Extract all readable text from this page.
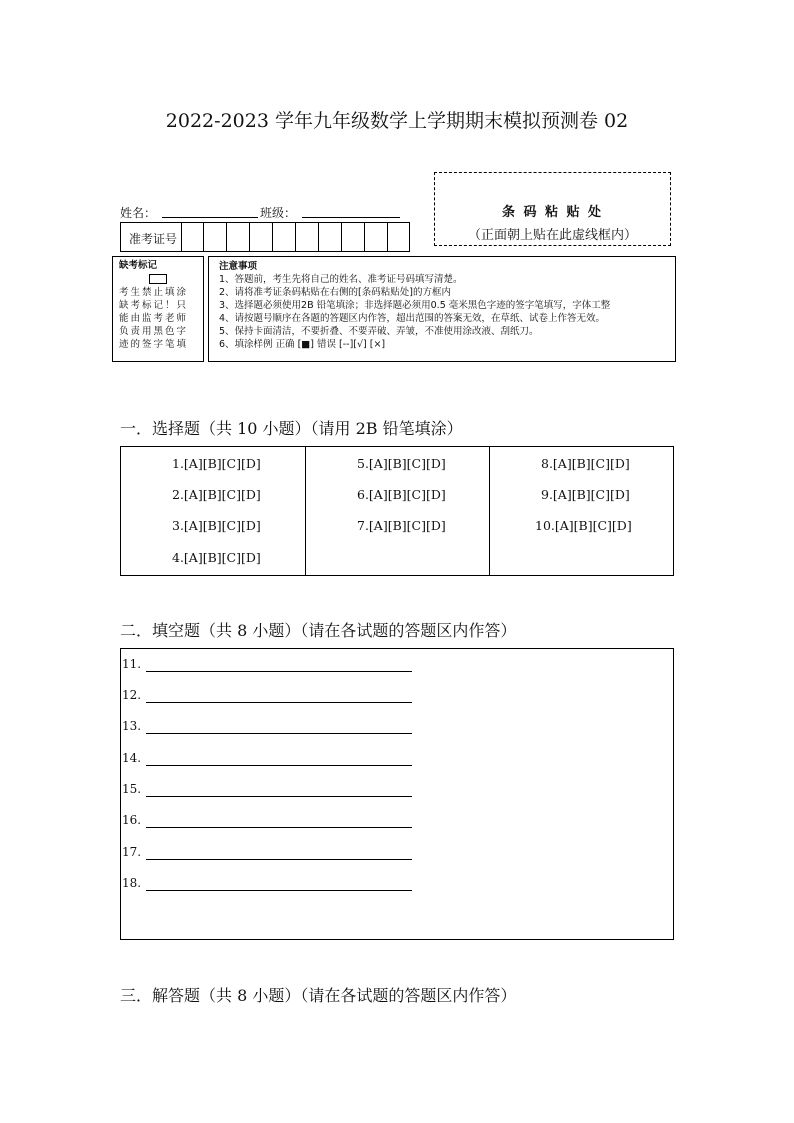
2022-2023 学年九年级数学上学期期末模拟预测卷 02
姓名：	班级：
准考证号
条 码 粘 贴 处
（正面朝上贴在此虚线框内）
缺考标记
考生禁止填涂
缺考标记！只
能由监考老师
负责用黑色字
迹的签字笔填
注意事项
1、答题前，考生先将自己的姓名、准考证号码填写清楚。
2、请将准考证条码粘贴在右侧的[条码粘贴处]的方框内
3、选择题必须使用2B 铅笔填涂；非选择题必须用0.5 毫米黑色字迹的签字笔填写，字体工整
4、请按题号顺序在各题的答题区内作答，超出范围的答案无效，在草纸、试卷上作答无效。
5、保持卡面清洁，不要折叠、不要弄破、弄皱，不准使用涂改液、刮纸刀。
6、填涂样例 正确 [■] 错误 [--][√] [×]
一．选择题（共 10 小题）（请用 2B 铅笔填涂）
1.[A][B][C][D]
2.[A][B][C][D]
3.[A][B][C][D]
4.[A][B][C][D]
5.[A][B][C][D]
6.[A][B][C][D]
7.[A][B][C][D]
8.[A][B][C][D]
9.[A][B][C][D]
10.[A][B][C][D]
二．填空题（共 8 小题）（请在各试题的答题区内作答）
11.
12.
13.
14.
15.
16.
17.
18.
三．解答题（共 8 小题）（请在各试题的答题区内作答）
